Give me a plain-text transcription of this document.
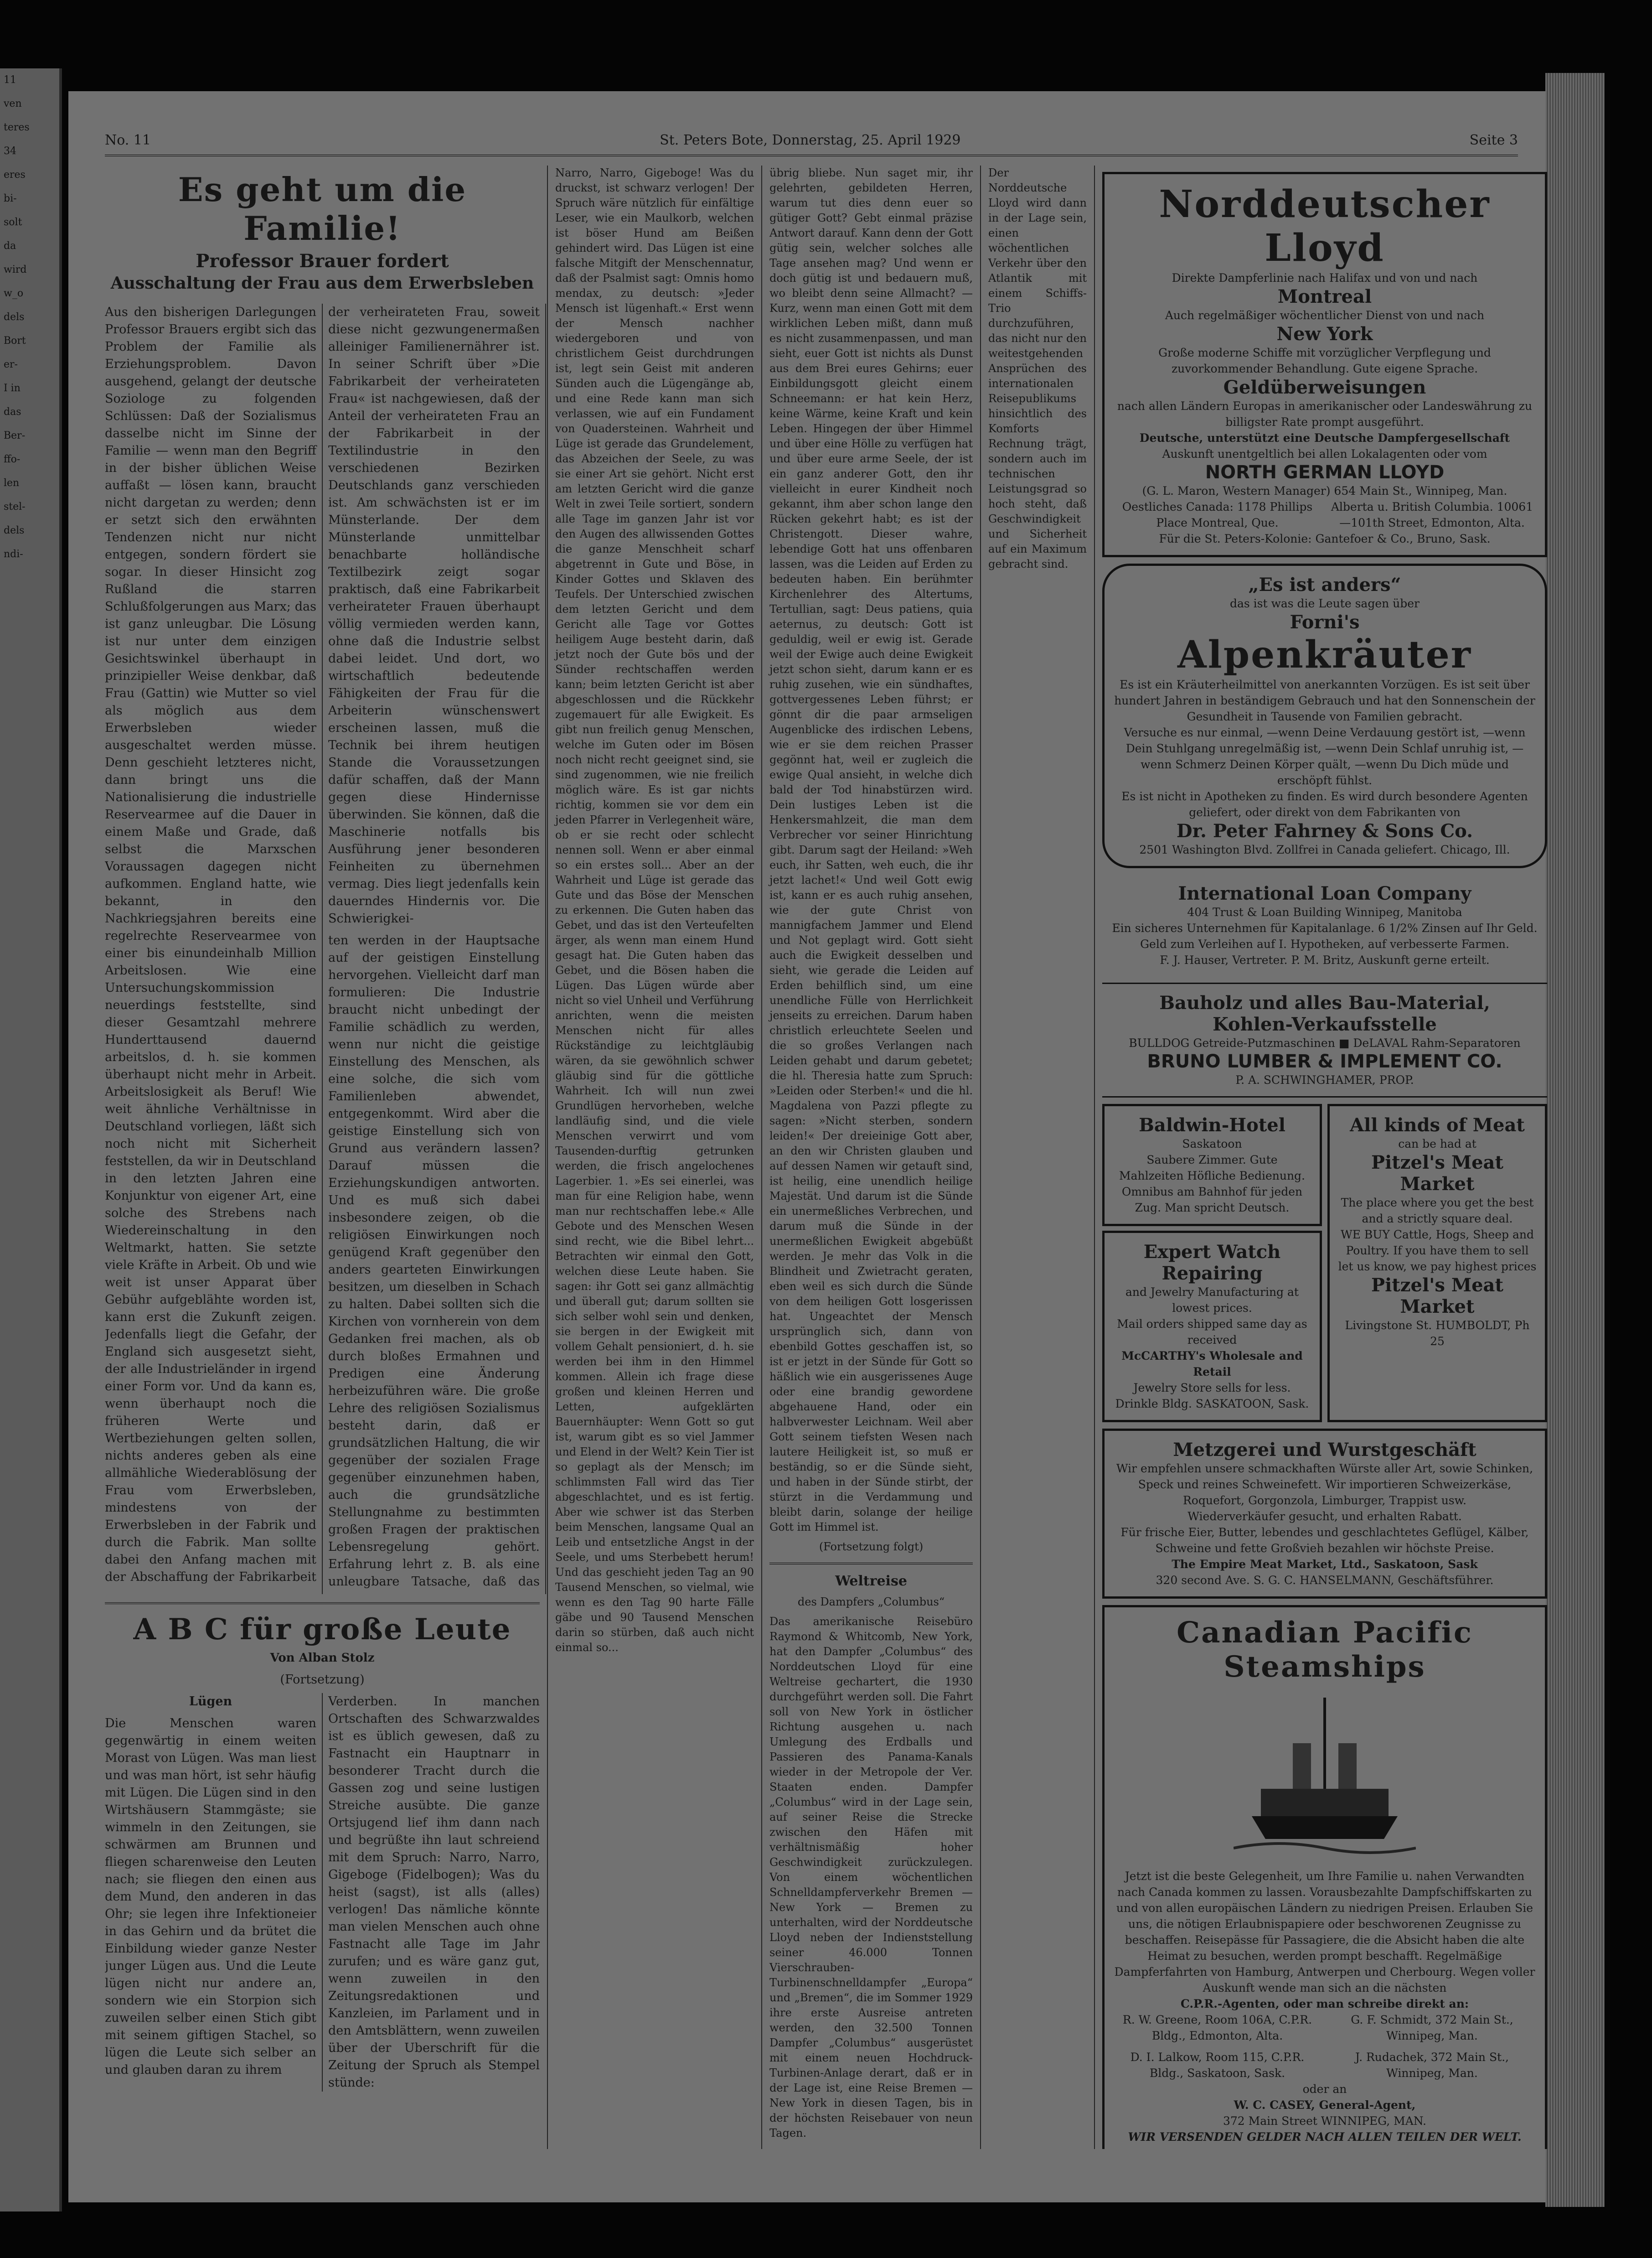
11
ven
teres
34
eres
bi-
solt
da
wird
w_o
dels
Bort
er-
I in
das
Ber-
ffo-
len
stel-
dels
ndi-
No. 11	St. Peters Bote, Donnerstag, 25. April 1929	Seite 3
Es geht um die Familie!
Professor Brauer fordert
Ausschaltung der Frau aus dem Erwerbsleben

Aus den bisherigen Darlegungen Professor Brauers ergibt sich das Problem der Familie als Erziehungsproblem. Davon ausgehend, gelangt der deutsche Soziologe zu folgenden Schlüssen: Daß der Sozialismus dasselbe nicht im Sinne der Familie — wenn man den Begriff in der bisher üblichen Weise auffaßt — lösen kann, braucht nicht dargetan zu werden; denn er setzt sich den erwähnten Tendenzen nicht nur nicht entgegen, sondern fördert sie sogar. In dieser Hinsicht zog Rußland die starren Schlußfolgerungen aus Marx; das ist ganz unleugbar. Die Lösung ist nur unter dem einzigen Gesichtswinkel überhaupt in prinzipieller Weise denkbar, daß Frau (Gattin) wie Mutter so viel als möglich aus dem Erwerbsleben wieder ausgeschaltet werden müsse. Denn geschieht letzteres nicht, dann bringt uns die Nationalisierung die industrielle Reservearmee auf die Dauer in einem Maße und Grade, daß selbst die Marxschen Voraussagen dagegen nicht aufkommen. England hatte, wie bekannt, in den Nachkriegsjahren bereits eine regelrechte Reservearmee von einer bis einundeinhalb Million Arbeitslosen. Wie eine Untersuchungskommission neuerdings feststellte, sind dieser Gesamtzahl mehrere Hunderttausend dauernd arbeitslos, d. h. sie kommen überhaupt nicht mehr in Arbeit. Arbeitslosigkeit als Beruf! Wie weit ähnliche Verhältnisse in Deutschland vorliegen, läßt sich noch nicht mit Sicherheit feststellen, da wir in Deutschland in den letzten Jahren eine Konjunktur von eigener Art, eine solche des Strebens nach Wiedereinschaltung in den Weltmarkt, hatten. Sie setzte viele Kräfte in Arbeit. Ob und wie weit ist unser Apparat über Gebühr aufgeblähte worden ist, kann erst die Zukunft zeigen. Jedenfalls liegt die Gefahr, der England sich ausgesetzt sieht, der alle Industrieländer in irgend einer Form vor. Und da kann es, wenn überhaupt noch die früheren Werte und Wertbeziehungen gelten sollen, nichts anderes geben als eine allmähliche Wiederablösung der Frau vom Erwerbsleben, mindestens von der Erwerbsleben in der Fabrik und durch die Fabrik. Man sollte dabei den Anfang machen mit der Abschaffung der Fabrikarbeit der verheirateten Frau, soweit diese nicht gezwungenermaßen alleiniger Familienernährer ist. In seiner Schrift über »Die Fabrikarbeit der verheirateten Frau« ist nachgewiesen, daß der Anteil der verheirateten Frau an der Fabrikarbeit in der Textilindustrie in den verschiedenen Bezirken Deutschlands ganz verschieden ist. Am schwächsten ist er im Münsterlande. Der dem Münsterlande unmittelbar benachbarte holländische Textilbezirk zeigt sogar praktisch, daß eine Fabrikarbeit verheirateter Frauen überhaupt völlig vermieden werden kann, ohne daß die Industrie selbst dabei leidet. Und dort, wo wirtschaftlich bedeutende Fähigkeiten der Frau für die Arbeiterin wünschenswert erscheinen lassen, muß die Technik bei ihrem heutigen Stande die Voraussetzungen dafür schaffen, daß der Mann gegen diese Hindernisse überwinden. Sie können, daß die Maschinerie notfalls bis Ausführung jener besonderen Feinheiten zu übernehmen vermag. Dies liegt jedenfalls kein dauerndes Hindernis vor. Die Schwierigkei-

ten werden in der Hauptsache auf der geistigen Einstellung hervorgehen. Vielleicht darf man formulieren: Die Industrie braucht nicht unbedingt der Familie schädlich zu werden, wenn nur nicht die geistige Einstellung des Menschen, als eine solche, die sich vom Familienleben abwendet, entgegenkommt. Wird aber die geistige Einstellung sich von Grund aus verändern lassen? Darauf müssen die Erziehungskundigen antworten. Und es muß sich dabei insbesondere zeigen, ob die religiösen Einwirkungen noch genügend Kraft gegenüber den anders gearteten Einwirkungen besitzen, um dieselben in Schach zu halten. Dabei sollten sich die Kirchen von vornherein von dem Gedanken frei machen, als ob durch bloßes Ermahnen und Predigen eine Änderung herbeizuführen wäre. Die große Lehre des religiösen Sozialismus besteht darin, daß er grundsätzlichen Haltung, die wir gegenüber der sozialen Frage gegenüber einzunehmen haben, auch die grundsätzliche Stellungnahme zu bestimmten großen Fragen der praktischen Lebensregelung gehört. Erfahrung lehrt z. B. als eine unleugbare Tatsache, daß das

A B C für große Leute

Von Alban Stolz

(Fortsetzung)

Lügen

Die Menschen waren gegenwärtig in einem weiten Morast von Lügen. Was man liest und was man hört, ist sehr häufig mit Lügen. Die Lügen sind in den Wirtshäusern Stammgäste; sie wimmeln in den Zeitungen, sie schwärmen am Brunnen und fliegen scharenweise den Leuten nach; sie fliegen den einen aus dem Mund, den anderen in das Ohr; sie legen ihre Infektioneier in das Gehirn und da brütet die Einbildung wieder ganze Nester junger Lügen aus. Und die Leute lügen nicht nur andere an, sondern wie ein Storpion sich zuweilen selber einen Stich gibt mit seinem giftigen Stachel, so lügen die Leute sich selber an und glauben daran zu ihrem

Verderben. In manchen Ortschaften des Schwarzwaldes ist es üblich gewesen, daß zu Fastnacht ein Hauptnarr in besonderer Tracht durch die Gassen zog und seine lustigen Streiche ausübte. Die ganze Ortsjugend lief ihm dann nach und begrüßte ihn laut schreiend mit dem Spruch: Narro, Narro, Gigeboge (Fidelbogen); Was du heist (sagst), ist alls (alles) verlogen! Das nämliche könnte man vielen Menschen auch ohne Fastnacht alle Tage im Jahr zurufen; und es wäre ganz gut, wenn zuweilen in den Zeitungsredaktionen und Kanzleien, im Parlament und in den Amtsblättern, wenn zuweilen über der Uberschrift für die Zeitung der Spruch als Stempel stünde:

Narro, Narro, Gigeboge! Was du druckst, ist schwarz verlogen! Der Spruch wäre nützlich für einfältige Leser, wie ein Maulkorb, welchen ist böser Hund am Beißen gehindert wird. Das Lügen ist eine falsche Mitgift der Menschennatur, daß der Psalmist sagt: Omnis homo mendax, zu deutsch: »Jeder Mensch ist lügenhaft.« Erst wenn der Mensch nachher wiedergeboren und von christlichem Geist durchdrungen ist, legt sein Geist mit anderen Sünden auch die Lügengänge ab, und eine Rede kann man sich verlassen, wie auf ein Fundament von Quadersteinen. Wahrheit und Lüge ist gerade das Grundelement, das Abzeichen der Seele, zu was sie einer Art sie gehört. Nicht erst am letzten Gericht wird die ganze Welt in zwei Teile sortiert, sondern alle Tage im ganzen Jahr ist vor den Augen des allwissenden Gottes die ganze Menschheit scharf abgetrennt in Gute und Böse, in Kinder Gottes und Sklaven des Teufels. Der Unterschied zwischen dem letzten Gericht und dem Gericht alle Tage vor Gottes heiligem Auge besteht darin, daß jetzt noch der Gute bös und der Sünder rechtschaffen werden kann; beim letzten Gericht ist aber abgeschlossen und die Rückkehr zugemauert für alle Ewigkeit. Es gibt nun freilich genug Menschen, welche im Guten oder im Bösen noch nicht recht geeignet sind, sie sind zugenommen, wie nie freilich möglich wäre. Es ist gar nichts richtig, kommen sie vor dem ein jeden Pfarrer in Verlegenheit wäre, ob er sie recht oder schlecht nennen soll. Wenn er aber einmal so ein erstes soll... Aber an der Wahrheit und Lüge ist gerade das Gute und das Böse der Menschen zu erkennen. Die Guten haben das Gebet, und das ist den Verteufelten ärger, als wenn man einem Hund gesagt hat. Die Guten haben das Gebet, und die Bösen haben die Lügen. Das Lügen würde aber nicht so viel Unheil und Verführung anrichten, wenn die meisten Menschen nicht für alles Rückständige zu leichtgläubig wären, da sie gewöhnlich schwer gläubig sind für die göttliche Wahrheit. Ich will nun zwei Grundlügen hervorheben, welche landläufig sind, und die viele Menschen verwirrt und vom Tausenden-durftig getrunken werden, die frisch angelochenes Lagerbier. 1. »Es sei einerlei, was man für eine Religion habe, wenn man nur rechtschaffen lebe.« Alle Gebote und des Menschen Wesen sind recht, wie die Bibel lehrt... Betrachten wir einmal den Gott, welchen diese Leute haben. Sie sagen: ihr Gott sei ganz allmächtig und überall gut; darum sollten sie sich selber wohl sein und denken, sie bergen in der Ewigkeit mit vollem Gehalt pensioniert, d. h. sie werden bei ihm in den Himmel kommen. Allein ich frage diese großen und kleinen Herren und Letten, aufgeklärten Bauernhäupter: Wenn Gott so gut ist, warum gibt es so viel Jammer und Elend in der Welt? Kein Tier ist so geplagt als der Mensch; im schlimmsten Fall wird das Tier abgeschlachtet, und es ist fertig. Aber wie schwer ist das Sterben beim Menschen, langsame Qual an Leib und entsetzliche Angst in der Seele, und ums Sterbebett herum! Und das geschieht jeden Tag an 90 Tausend Menschen, so vielmal, wie wenn es den Tag 90 harte Fälle gäbe und 90 Tausend Menschen darin so stürben, daß auch nicht einmal so...

übrig bliebe. Nun saget mir, ihr gelehrten, gebildeten Herren, warum tut dies denn euer so gütiger Gott? Gebt einmal präzise Antwort darauf. Kann denn der Gott gütig sein, welcher solches alle Tage ansehen mag? Und wenn er doch gütig ist und bedauern muß, wo bleibt denn seine Allmacht? — Kurz, wenn man einen Gott mit dem wirklichen Leben mißt, dann muß es nicht zusammenpassen, und man sieht, euer Gott ist nichts als Dunst aus dem Brei eures Gehirns; euer Einbildungsgott gleicht einem Schneemann: er hat kein Herz, keine Wärme, keine Kraft und kein Leben. Hingegen der über Himmel und über eine Hölle zu verfügen hat und über eure arme Seele, der ist ein ganz anderer Gott, den ihr vielleicht in eurer Kindheit noch gekannt, ihm aber schon lange den Rücken gekehrt habt; es ist der Christengott. Dieser wahre, lebendige Gott hat uns offenbaren lassen, was die Leiden auf Erden zu bedeuten haben. Ein berühmter Kirchenlehrer des Altertums, Tertullian, sagt: Deus patiens, quia aeternus, zu deutsch: Gott ist geduldig, weil er ewig ist. Gerade weil der Ewige auch deine Ewigkeit jetzt schon sieht, darum kann er es ruhig zusehen, wie ein sündhaftes, gottvergessenes Leben führst; er gönnt dir die paar armseligen Augenblicke des irdischen Lebens, wie er sie dem reichen Prasser gegönnt hat, weil er zugleich die ewige Qual ansieht, in welche dich bald der Tod hinabstürzen wird. Dein lustiges Leben ist die Henkersmahlzeit, die man dem Verbrecher vor seiner Hinrichtung gibt. Darum sagt der Heiland: »Weh euch, ihr Satten, weh euch, die ihr jetzt lachet!« Und weil Gott ewig ist, kann er es auch ruhig ansehen, wie der gute Christ von mannigfachem Jammer und Elend und Not geplagt wird. Gott sieht auch die Ewigkeit desselben und sieht, wie gerade die Leiden auf Erden behilflich sind, um eine unendliche Fülle von Herrlichkeit jenseits zu erreichen. Darum haben christlich erleuchtete Seelen und die so großes Verlangen nach Leiden gehabt und darum gebetet; die hl. Theresia hatte zum Spruch: »Leiden oder Sterben!« und die hl. Magdalena von Pazzi pflegte zu sagen: »Nicht sterben, sondern leiden!« Der dreieinige Gott aber, an den wir Christen glauben und auf dessen Namen wir getauft sind, ist heilig, eine unendlich heilige Majestät. Und darum ist die Sünde ein unermeßliches Verbrechen, und darum muß die Sünde in der unermeßlichen Ewigkeit abgebüßt werden. Je mehr das Volk in die Blindheit und Zwietracht geraten, eben weil es sich durch die Sünde von dem heiligen Gott losgerissen hat. Ungeachtet der Mensch ursprünglich sich, dann von ebenbild Gottes geschaffen ist, so ist er jetzt in der Sünde für Gott so häßlich wie ein ausgerissenes Auge oder eine brandig gewordene abgehauene Hand, oder ein halbverwester Leichnam. Weil aber Gott seinem tiefsten Wesen nach lautere Heiligkeit ist, so muß er beständig, so er die Sünde sieht, und haben in der Sünde stirbt, der stürzt in die Verdammung und bleibt darin, solange der heilige Gott im Himmel ist.

(Fortsetzung folgt)

Weltreise

des Dampfers „Columbus“

Das amerikanische Reisebüro Raymond & Whitcomb, New York, hat den Dampfer „Columbus“ des Norddeutschen Lloyd für eine Weltreise gechartert, die 1930 durchgeführt werden soll. Die Fahrt soll von New York in östlicher Richtung ausgehen u. nach Umlegung des Erdballs und Passieren des Panama-Kanals wieder in der Metropole der Ver. Staaten enden. Dampfer „Columbus“ wird in der Lage sein, auf seiner Reise die Strecke zwischen den Häfen mit verhältnismäßig hoher Geschwindigkeit zurückzulegen. Von einem wöchentlichen Schnelldampferverkehr Bremen — New York — Bremen zu unterhalten, wird der Norddeutsche Lloyd neben der Indienststellung seiner 46.000 Tonnen Vierschrauben-Turbinenschnelldampfer „Europa“ und „Bremen“, die im Sommer 1929 ihre erste Ausreise antreten werden, den 32.500 Tonnen Dampfer „Columbus“ ausgerüstet mit einem neuen Hochdruck-Turbinen-Anlage derart, daß er in der Lage ist, eine Reise Bremen — New York in diesen Tagen, bis in der höchsten Reisebauer von neun Tagen.

Der Norddeutsche Lloyd wird dann in der Lage sein, einen wöchentlichen Verkehr über den Atlantik mit einem Schiffs-Trio durchzuführen, das nicht nur den weitestgehenden Ansprüchen des internationalen Reisepublikums hinsichtlich des Komforts Rechnung trägt, sondern auch im technischen Leistungsgrad so hoch steht, daß Geschwindigkeit und Sicherheit auf ein Maximum gebracht sind.

Norddeutscher Lloyd
Direkte Dampferlinie nach Halifax und von und nach
Montreal
Auch regelmäßiger wöchentlicher Dienst von und nach
New York
Große moderne Schiffe mit vorzüglicher Verpflegung und zuvorkommender Behandlung. Gute eigene Sprache.
Geldüberweisungen
nach allen Ländern Europas in amerikanischer oder Landeswährung zu billigster Rate prompt ausgeführt.
Deutsche, unterstützt eine Deutsche Dampfergesellschaft
Auskunft unentgeltlich bei allen Lokalagenten oder vom
NORTH GERMAN LLOYD
(G. L. Maron, Western Manager) 654 Main St., Winnipeg, Man.
Oestliches Canada: 1178 Phillips Place Montreal, Que.
Alberta u. British Columbia. 10061—101th Street, Edmonton, Alta.
Für die St. Peters-Kolonie: Gantefoer & Co., Bruno, Sask.
„Es ist anders“
das ist was die Leute sagen über
Forni's
Alpenkräuter
Es ist ein Kräuterheilmittel von anerkannten Vorzügen. Es ist seit über hundert Jahren in beständigem Gebrauch und hat den Sonnenschein der Gesundheit in Tausende von Familien gebracht.
Versuche es nur einmal, —wenn Deine Verdauung gestört ist, —wenn Dein Stuhlgang unregelmäßig ist, —wenn Dein Schlaf unruhig ist, —wenn Schmerz Deinen Körper quält, —wenn Du Dich müde und erschöpft fühlst.
Es ist nicht in Apotheken zu finden. Es wird durch besondere Agenten geliefert, oder direkt von dem Fabrikanten von
Dr. Peter Fahrney & Sons Co.
2501 Washington Blvd. Zollfrei in Canada geliefert. Chicago, Ill.
International Loan Company
404 Trust & Loan Building Winnipeg, Manitoba
Ein sicheres Unternehmen für Kapitalanlage. 6 1/2% Zinsen auf Ihr Geld. Geld zum Verleihen auf I. Hypotheken, auf verbesserte Farmen.
F. J. Hauser, Vertreter. P. M. Britz, Auskunft gerne erteilt.
Bauholz und alles Bau-Material,
Kohlen-Verkaufsstelle
BULLDOG Getreide-Putzmaschinen ■ DeLAVAL Rahm-Separatoren
BRUNO LUMBER & IMPLEMENT CO.
P. A. SCHWINGHAMER, PROP.
Baldwin-Hotel
Saskatoon
Saubere Zimmer. Gute Mahlzeiten Höfliche Bedienung.
Omnibus am Bahnhof für jeden Zug. Man spricht Deutsch.
Expert Watch Repairing
and Jewelry Manufacturing at lowest prices.
Mail orders shipped same day as received
McCARTHY's Wholesale and Retail
Jewelry Store sells for less.
Drinkle Bldg. SASKATOON, Sask.
All kinds of Meat
can be had at
Pitzel's Meat Market
The place where you get the best and a strictly square deal.
WE BUY Cattle, Hogs, Sheep and Poultry. If you have them to sell let us know, we pay highest prices
Pitzel's Meat Market
Livingstone St. HUMBOLDT, Ph 25
Metzgerei und Wurstgeschäft
Wir empfehlen unsere schmackhaften Würste aller Art, sowie Schinken, Speck und reines Schweinefett. Wir importieren Schweizerkäse, Roquefort, Gorgonzola, Limburger, Trappist usw.
Wiederverkäufer gesucht, und erhalten Rabatt.
Für frische Eier, Butter, lebendes und geschlachtetes Geflügel, Kälber, Schweine und fette Großvieh bezahlen wir höchste Preise.
The Empire Meat Market, Ltd., Saskatoon, Sask
320 second Ave. S. G. C. HANSELMANN, Geschäftsführer.
Canadian Pacific Steamships
Jetzt ist die beste Gelegenheit, um Ihre Familie u. nahen Verwandten nach Canada kommen zu lassen. Vorausbezahlte Dampfschiffskarten zu und von allen europäischen Ländern zu niedrigen Preisen. Erlauben Sie uns, die nötigen Erlaubnispapiere oder beschworenen Zeugnisse zu beschaffen. Reisepässe für Passagiere, die die Absicht haben die alte Heimat zu besuchen, werden prompt beschafft. Regelmäßige Dampferfahrten von Hamburg, Antwerpen und Cherbourg. Wegen voller Auskunft wende man sich an die nächsten
C.P.R.-Agenten, oder man schreibe direkt an:
R. W. Greene, Room 106A, C.P.R. Bldg., Edmonton, Alta.
G. F. Schmidt, 372 Main St., Winnipeg, Man.
D. I. Lalkow, Room 115, C.P.R. Bldg., Saskatoon, Sask.
J. Rudachek, 372 Main St., Winnipeg, Man.
oder an
W. C. CASEY, General-Agent,
372 Main Street WINNIPEG, MAN.
WIR VERSENDEN GELDER NACH ALLEN TEILEN DER WELT.
